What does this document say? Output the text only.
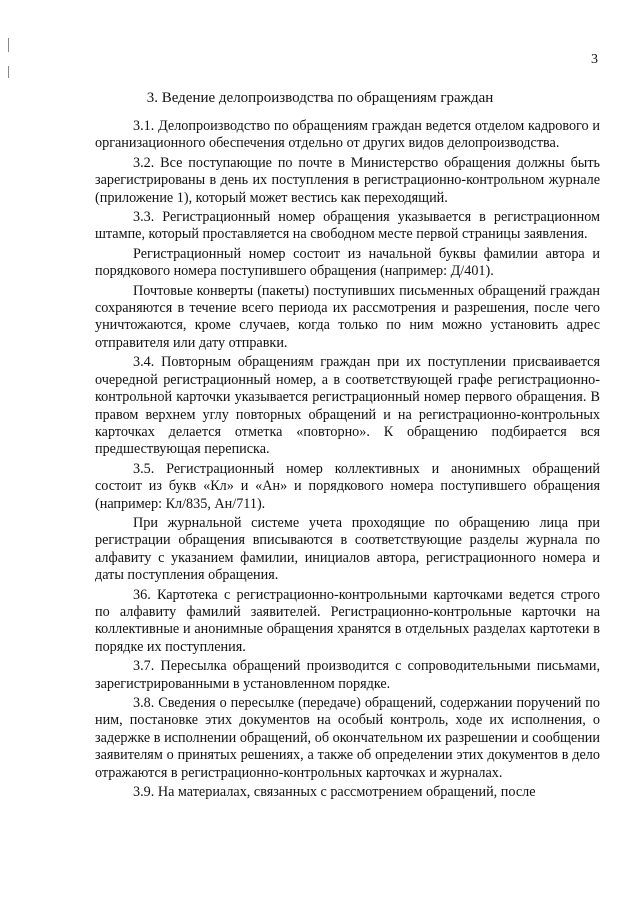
3
3. Ведение делопроизводства по обращениям граждан

3.1. Делопроизводство по обращениям граждан ведется отделом кадрового и организационного обеспечения отдельно от других видов делопроизводства.

3.2. Все поступающие по почте в Министерство обращения должны быть зарегистрированы в день их поступления в регистрационно-контрольном журнале (приложение 1), который может вестись как переходящий.

3.3. Регистрационный номер обращения указывается в регистрационном штампе, который проставляется на свободном месте первой страницы заявления.

Регистрационный номер состоит из начальной буквы фамилии автора и порядкового номера поступившего обращения (например: Д/401).

Почтовые конверты (пакеты) поступивших письменных обращений граждан сохраняются в течение всего периода их рассмотрения и разрешения, после чего уничтожаются, кроме случаев, когда только по ним можно установить адрес отправителя или дату отправки.

3.4. Повторным обращениям граждан при их поступлении присваивается очередной регистрационный номер, а в соответствующей графе регистрационно-контрольной карточки указывается регистрационный номер первого обращения. В правом верхнем углу повторных обращений и на регистрационно-контрольных карточках делается отметка «повторно». К обращению подбирается вся предшествующая переписка.

3.5. Регистрационный номер коллективных и анонимных обращений состоит из букв «Кл» и «Ан» и порядкового номера поступившего обращения (например: Кл/835, Ан/711).

При журнальной системе учета проходящие по обращению лица при регистрации обращения вписываются в соответствующие разделы журнала по алфавиту с указанием фамилии, инициалов автора, регистрационного номера и даты поступления обращения.

36. Картотека с регистрационно-контрольными карточками ведется строго по алфавиту фамилий заявителей. Регистрационно-контрольные карточки на коллективные и анонимные обращения хранятся в отдельных разделах картотеки в порядке их поступления.

3.7. Пересылка обращений производится с сопроводительными письмами, зарегистрированными в установленном порядке.

3.8. Сведения о пересылке (передаче) обращений, содержании поручений по ним, постановке этих документов на особый контроль, ходе их исполнения, о задержке в исполнении обращений, об окончательном их разрешении и сообщении заявителям о принятых решениях, а также об определении этих документов в дело отражаются в регистрационно-контрольных карточках и журналах.

3.9. На материалах, связанных с рассмотрением обращений, после
